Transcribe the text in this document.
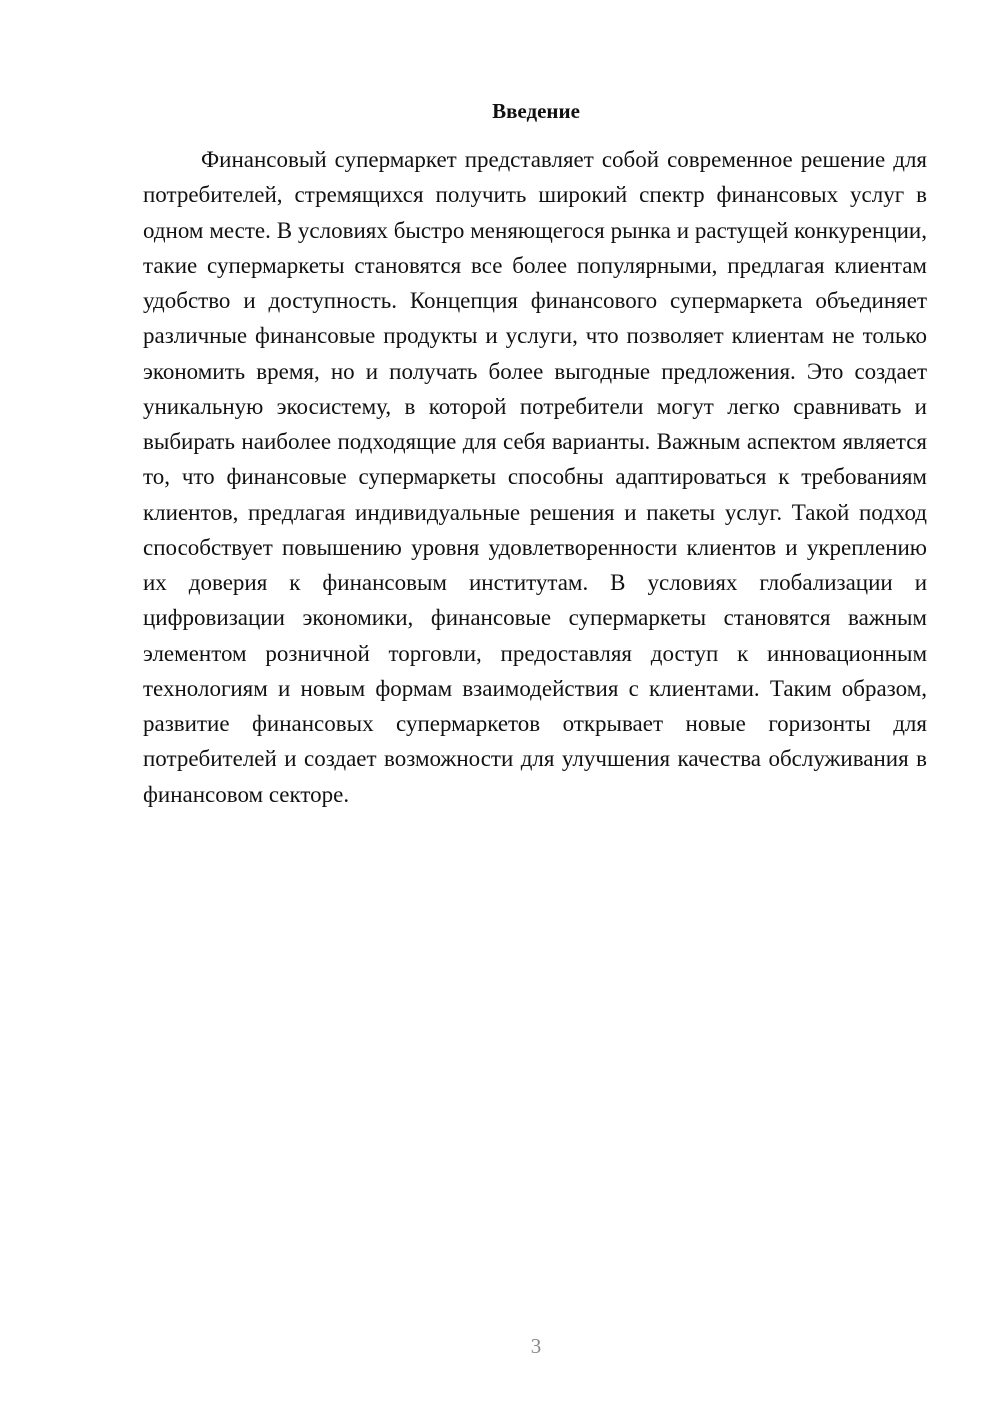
Введение

Финансовый супермаркет представляет собой современное решение для потребителей, стремящихся получить широкий спектр финансовых услуг в одном месте. В условиях быстро меняющегося рынка и растущей конкуренции, такие супермаркеты становятся все более популярными, предлагая клиентам удобство и доступность. Концепция финансового супермаркета объединяет различные финансовые продукты и услуги, что позволяет клиентам не только экономить время, но и получать более выгодные предложения. Это создает уникальную экосистему, в которой потребители могут легко сравнивать и выбирать наиболее подходящие для себя варианты. Важным аспектом является то, что финансовые супермаркеты способны адаптироваться к требованиям клиентов, предлагая индивидуальные решения и пакеты услуг. Такой подход способствует повышению уровня удовлетворенности клиентов и укреплению их доверия к финансовым институтам. В условиях глобализации и цифровизации экономики, финансовые супермаркеты становятся важным элементом розничной торговли, предоставляя доступ к инновационным технологиям и новым формам взаимодействия с клиентами. Таким образом, развитие финансовых супермаркетов открывает новые горизонты для потребителей и создает возможности для улучшения качества обслуживания в финансовом секторе.

3
